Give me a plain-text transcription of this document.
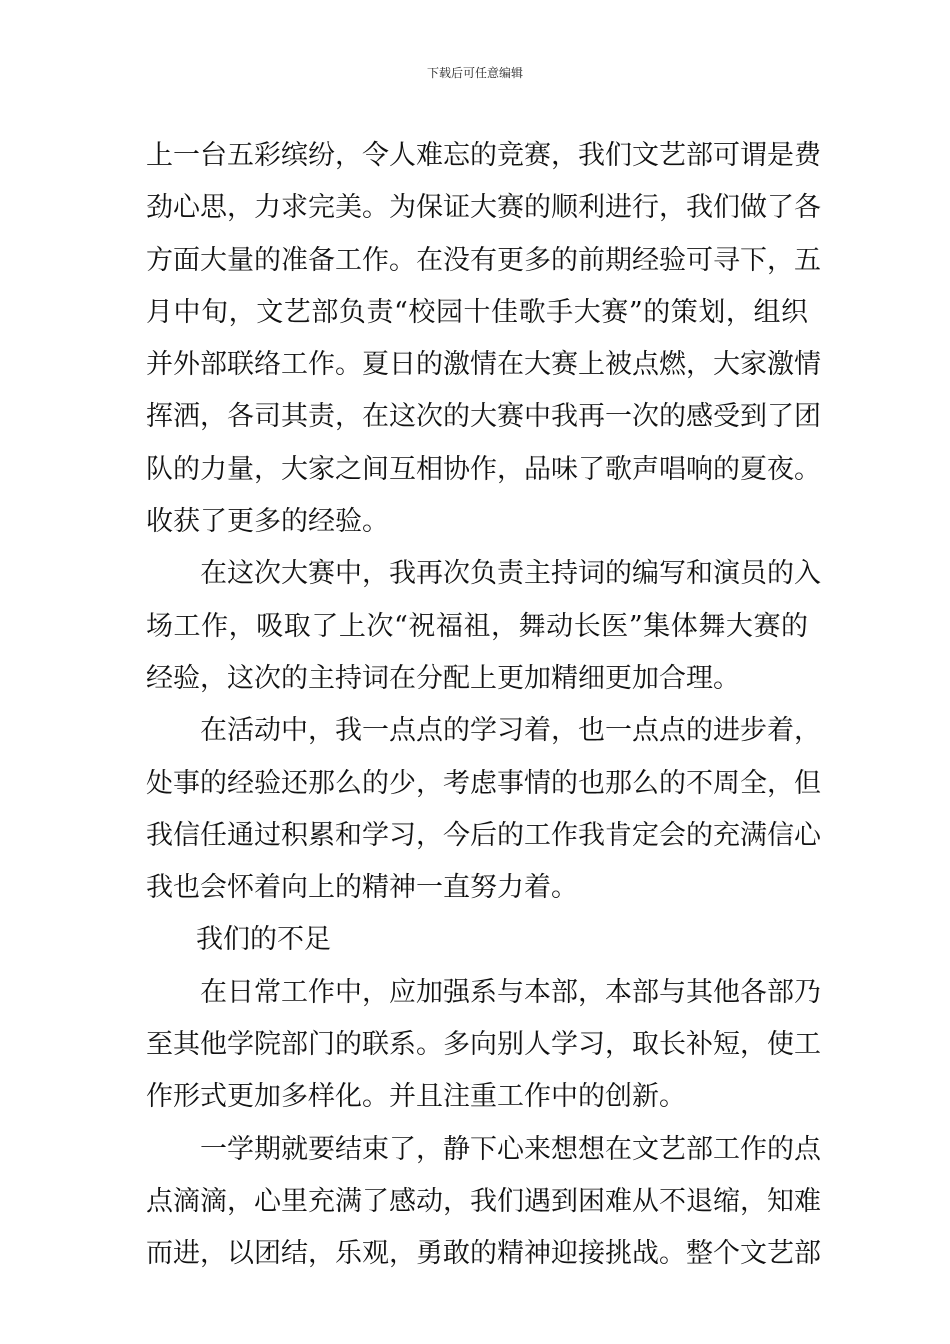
下载后可任意编辑
上一台五彩缤纷，令人难忘的竞赛，我们文艺部可谓是费
劲心思，力求完美。为保证大赛的顺利进行，我们做了各
方面大量的准备工作。在没有更多的前期经验可寻下，五
月中旬，文艺部负责“校园十佳歌手大赛”的策划，组织
并外部联络工作。夏日的激情在大赛上被点燃，大家激情
挥洒，各司其责，在这次的大赛中我再一次的感受到了团
队的力量，大家之间互相协作，品味了歌声唱响的夏夜。
收获了更多的经验。
在这次大赛中，我再次负责主持词的编写和演员的入
场工作，吸取了上次“祝福祖，舞动长医”集体舞大赛的
经验，这次的主持词在分配上更加精细更加合理。
在活动中，我一点点的学习着，也一点点的进步着，
处事的经验还那么的少，考虑事情的也那么的不周全，但
我信任通过积累和学习，今后的工作我肯定会的充满信心
我也会怀着向上的精神一直努力着。
我们的不足
在日常工作中，应加强系与本部，本部与其他各部乃
至其他学院部门的联系。多向别人学习，取长补短，使工
作形式更加多样化。并且注重工作中的创新。
一学期就要结束了，静下心来想想在文艺部工作的点
点滴滴，心里充满了感动，我们遇到困难从不退缩，知难
而进，以团结，乐观，勇敢的精神迎接挑战。整个文艺部
